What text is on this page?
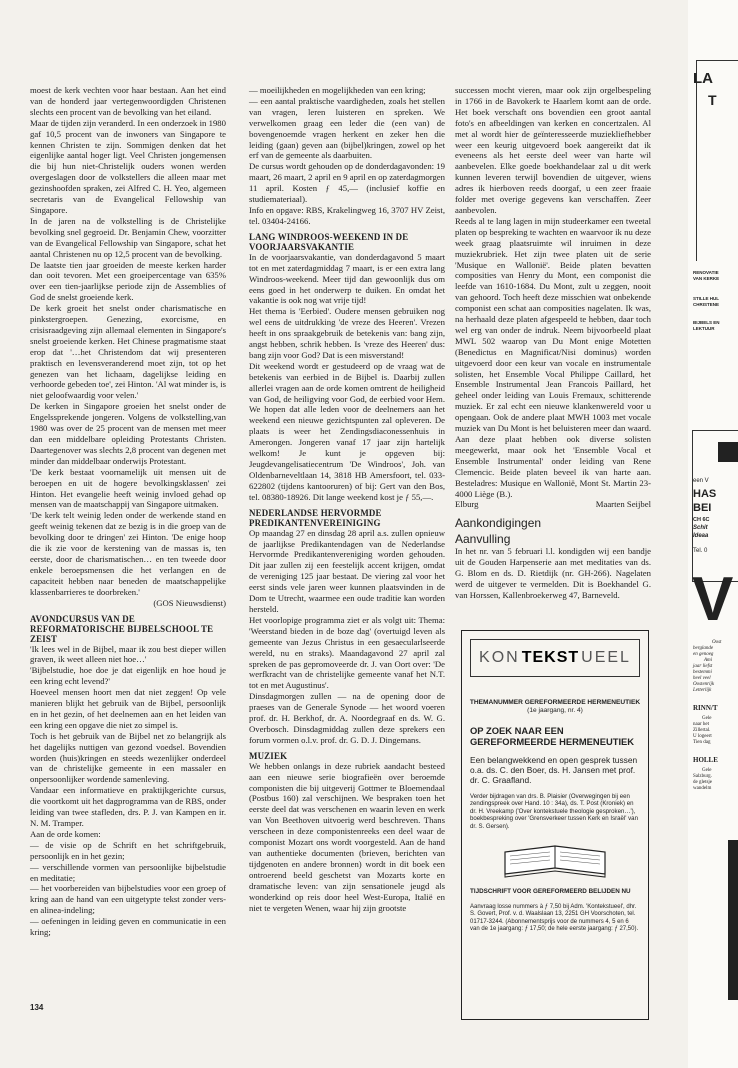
moest de kerk vechten voor haar bestaan. Aan het eind van de honderd jaar vertegenwoordigden Christenen slechts een procent van de bevolking van het eiland.

Maar de tijden zijn veranderd. In een onderzoek in 1980 gaf 10,5 procent van de inwoners van Singapore te kennen Christen te zijn. Sommigen denken dat het eigenlijke aantal hoger ligt. Veel Christen jongemensen die bij hun niet-Christelijk ouders wonen werden overgeslagen door de volkstellers die alleen maar met gezinshoofden spraken, zei Alfred C. H. Yeo, algemeen secretaris van de Evangelical Fellowship van Singapore.

In de jaren na de volkstelling is de Christelijke bevolking snel gegroeid. Dr. Benjamin Chew, voorzitter van de Evangelical Fellowship van Singapore, schat het aantal Christenen nu op 12,5 procent van de bevolking.

De laatste tien jaar groeiden de meeste kerken harder dan ooit tevoren. Met een groeipercentage van 635% over een tien-jaarlijkse periode zijn de Assemblies of God de snelst groeiende kerk.

De kerk groeit het snelst onder charismatische en pinkstergroepen. Genezing, exorcisme, en crisisraadgeving zijn allemaal elementen in Singapore's snelst groeiende kerken. Het Chinese pragmatisme staat erop dat '…het Christendom dat wij presenteren praktisch en levensveranderend moet zijn, tot op het genezen van het lichaam, dagelijkse leiding en verhoorde gebeden toe', zei Hinton. 'Al wat minder is, is niet geloofwaardig voor velen.'

De kerken in Singapore groeien het snelst onder de Engelssprekende jongeren. Volgens de volkstelling,van 1980 was over de 25 procent van de mensen met meer dan een middelbare opleiding Protestants Christen. Daartegenover was slechts 2,8 procent van degenen met minder dan middelbaar onderwijs Protestant.

'De kerk bestaat voornamelijk uit mensen uit de beroepen en uit de hogere bevolkingsklassen' zei Hinton. Het evangelie heeft weinig invloed gehad op mensen van de maatschappij van Singapore uitmaken.

'De kerk telt weinig leden onder de werkende stand en geeft weinig tekenen dat ze bezig is in die groep van de bevolking door te dringen' zei Hinton. 'De enige hoop die ik zie voor de kerstening van de massas is, ten eerste, door de charismatischen… en ten tweede door enkele beroepsmensen die het verlangen en de capaciteit hebben naar beneden de maatschappelijke klassenbarrieres te doorbreken.'

(GOS Nieuwsdienst)

AVONDCURSUS VAN DE REFORMATORISCHE BIJBELSCHOOL TE ZEIST

'Ik lees wel in de Bijbel, maar ik zou best dieper willen graven, ik weet alleen niet hoe…'

'Bijbelstudie, hoe doe je dat eigenlijk en hoe houd je een kring echt levend?'

Hoeveel mensen hoort men dat niet zeggen! Op vele manieren blijkt het gebruik van de Bijbel, persoonlijk en in het gezin, of het deelnemen aan en het leiden van een kring een opgave die niet zo simpel is.

Toch is het gebruik van de Bijbel net zo belangrijk als het dagelijks nuttigen van gezond voedsel. Bovendien worden (huis)kringen en steeds wezenlijker onderdeel van de christelijke gemeente in een massaler en onpersoonlijker wordende samenleving.

Vandaar een informatieve en praktijkgerichte cursus, die voortkomt uit het dagprogramma van de RBS, onder leiding van twee stafleden, drs. P. J. van Kampen en ir. N. M. Tramper.

Aan de orde komen:

— de visie op de Schrift en het schriftgebruik, persoonlijk en in het gezin;

— verschillende vormen van persoonlijke bijbelstudie en meditatie;

— het voorbereiden van bijbelstudies voor een groep of kring aan de hand van een uitgetypte tekst zonder vers- en alinea-indeling;

— oefeningen in leiding geven en communicatie in een kring;

— moeilijkheden en mogelijkheden van een kring;

— een aantal praktische vaardigheden, zoals het stellen van vragen, leren luisteren en spreken. We verwelkomen graag een leder die (een van) de bovengenoemde vragen herkent en zeker hen die leiding (gaan) geven aan (bijbel)kringen, zowel op het erf van de gemeente als daarbuiten.

De cursus wordt gehouden op de donderdagavonden: 19 maart, 26 maart, 2 april en 9 april en op zaterdagmorgen 11 april. Kosten ƒ 45,— (inclusief koffie en studiemateriaal).

Info en opgave: RBS, Krakelingweg 16, 3707 HV Zeist, tel. 03404-24166.

LANG WINDROOS-WEEKEND IN DE VOORJAARSVAKANTIE

In de voorjaarsvakantie, van donderdagavond 5 maart tot en met zaterdagmiddag 7 maart, is er een extra lang Windroos-weekend. Meer tijd dan gewoonlijk dus om eens goed in het onderwerp te duiken. En omdat het vakantie is ook nog wat vrije tijd!

Het thema is 'Eerbied'. Oudere mensen gebruiken nog wel eens de uitdrukking 'de vreze des Heeren'. Vrezen heeft in ons spraakgebruik de betekenis van: bang zijn, angst hebben, schrik hebben. Is 'vreze des Heeren' dus: bang zijn voor God? Dat is een misverstand!

Dit weekend wordt er gestudeerd op de vraag wat de betekenis van eerbied in de Bijbel is. Daarbij zullen allerlei vragen aan de orde komen omtrent de heiligheid van God, de heiligving voor God, de eerbied voor Hem. We hopen dat alle leden voor de deelnemers aan het weekend een nieuwe gezichtspunten zal opleveren. De plaats is weer het Zendingsdiaconessenhuis in Amerongen. Jongeren vanaf 17 jaar zijn hartelijk welkom! Je kunt je opgeven bij: Jeugdevangelisatiecentrum 'De Windroos', Joh. van Oldenbarneveltlaan 14, 3818 HB Amersfoort, tel. 033-622802 (tijdens kantooruren) of bij: Gert van den Bos, tel. 08380-18926. Dit lange weekend kost je ƒ 55,—.

NEDERLANDSE HERVORMDE PREDIKANTENVEREINIGING

Op maandag 27 en dinsdag 28 april a.s. zullen opnieuw de jaarlijkse Predikantendagen van de Nederlandse Hervormde Predikantenvereniging worden gehouden. Dit jaar zullen zij een feestelijk accent krijgen, omdat de vereniging 125 jaar bestaat. De viering zal voor het eerst sinds vele jaren weer kunnen plaatsvinden in de Dom te Utrecht, waarmee een oude traditie kan worden hersteld.

Het voorlopige programma ziet er als volgt uit: Thema: 'Weerstand bieden in de boze dag' (overtuigd leven als gemeente van Jezus Christus in een gesaecularlseerde wereld, nu en straks). Maandagavond 27 april zal spreken de pas gepromoveerde dr. J. van Oort over: 'De werfkracht van de christelijke gemeente vanaf het N.T. tot en met Augustinus'.

Dinsdagmorgen zullen — na de opening door de praeses van de Generale Synode — het woord voeren prof. dr. H. Berkhof, dr. A. Noordegraaf en ds. W. G. Overbosch. Dinsdagmiddag zullen deze sprekers een forum vormen o.l.v. prof. dr. G. D. J. Dingemans.

MUZIEK

We hebben onlangs in deze rubriek aandacht besteed aan een nieuwe serie biografieën over beroemde componisten die bij uitgeverij Gottmer te Bloemendaal (Postbus 160) zal verschijnen. We bespraken toen het eerste deel dat was verschenen en waarin leven en werk van Von Beethoven uitvoerig werd beschreven. Thans verscheen in deze componistenreeks een deel waar de componist Mozart ons wordt voorgesteld. Aan de hand van authentieke documenten (brieven, berichten van tijdgenoten en andere bronnen) wordt in dit boek een ontroerend beeld geschetst van Mozarts korte en dramatische leven: van zijn sensationele jeugd als wonderkind op reis door heel West-Europa, Italië en niet te vergeten Wenen, waar hij zijn grootste

successen mocht vieren, maar ook zijn orgelbespeling in 1766 in de Bavokerk te Haarlem komt aan de orde. Het boek verschaft ons bovendien een groot aantal foto's en afbeeldingen van kerken en concertzalen. Al met al wordt hier de geïnteresseerde muziekliefhebber weer een keurig uitgevoerd boek aangereikt dat ik eveneens als het eerste deel weer van harte wil aanbevelen. Elke goede boekhandelaar zal u dit werk kunnen leveren terwijl bovendien de uitgever, wiens adres ik hierboven reeds doorgaf, u een zeer fraaie folder met overige gegevens kan verschaffen. Zeer aanbevolen.

Reeds al te lang lagen in mijn studeerkamer een tweetal platen op bespreking te wachten en waarvoor ik nu deze week graag plaatsruimte wil inruimen in deze muziekrubriek. Het zijn twee platen uit de serie 'Musique en Wallonië'. Beide platen bevatten composities van Henry du Mont, een componist die leefde van 1610-1684. Du Mont, zult u zeggen, nooit van gehoord. Toch heeft deze misschien wat onbekende componist een schat aan composities nagelaten. Ik was, na herhaald deze platen afgespeeld te hebben, daar toch wel erg van onder de indruk. Neem bijvoorbeeld plaat MWL 502 waarop van Du Mont enige Motetten (Benedictus en Magnificat/Nisi dominus) worden uitgevoerd door een keur van vocale en instrumentale solisten, het Ensemble Vocal Philippe Caillard, het Ensemble Instrumental Jean Francois Paillard, het geheel onder leiding van Louis Fremaux, schitterende muziek. Er zal echt een nieuwe klankenwereld voor u opengaan. Ook de andere plaat MWH 1003 met vocale muziek van Du Mont is het beluisteren meer dan waard. Aan deze plaat hebben ook diverse solisten meegewerkt, maar ook het 'Ensemble Vocal et Ensemble Instrumental' onder leiding van Rene Clemencic. Beide platen beveel ik van harte aan. Besteladres: Musique en Wallonië, Mont St. Martin 23-4000 Liège (B.).

Elburg	Maarten Seijbel
Aankondigingen
Aanvulling

In het nr. van 5 februari l.l. kondigden wij een bandje uit de Gouden Harpenserie aan met meditaties van ds. G. Blom en ds. D. Rietdijk (nr. GH-266). Nagelaten werd de uitgever te vermelden. Dit is Boekhandel G. van Horssen, Kallenbroekerweg 47, Barneveld.

KON TEKST UEEL
THEMANUMMER GEREFORMEERDE HERMENEUTIEK
(1e jaargang, nr. 4)
OP ZOEK NAAR EEN GEREFORMEERDE HERMENEUTIEK
Een belangwekkend en open gesprek tussen o.a. ds. C. den Boer, ds. H. Jansen met prof. dr. C. Graafland.
Verder bijdragen van drs. B. Plaisier (Overwegingen bij een zendingspreek over Hand. 10 : 34a), ds. T. Post (Kroniek) en dr. H. Vreekamp ('Over kontekstuele theologie gesproken…'), boekbespreking over 'Grensverkeer tussen Kerk en Israël' van dr. S. Gersen).
TIJDSCHRIFT VOOR GEREFORMEERD BELIJDEN NU
Aanvraag losse nummers à ƒ 7,50 bij Adm. 'Kontekstueel', dhr. S. Govert, Prof. v. d. Waalslaan 13, 2251 GH Voorschoten, tel. 01717-3244. (Abonnementsprijs voor de nummers 4, 5 en 6 van de 1e jaargang: ƒ 17,50; de hele eerste jaargang: ƒ 27,50).
134
LA
T
RENOVATIE
VAN KERKE
STILLE HUL
CHRISTENE
BIJBELS EN
LEKTUUR
een V
HAS
BEI
CH 6C
Schit
Ideaa
Tel. 0
V
Oost
berglande
en genoeg
Ami
jaar liefst
bestemmi
heel veel
Oostenrijk
Letterlijk
RINN/T
Gele
naar het
Zillertal.
U logeert
Tien dag
HOLLE
Gele
Salzburg.
de gletsje
wandelm
